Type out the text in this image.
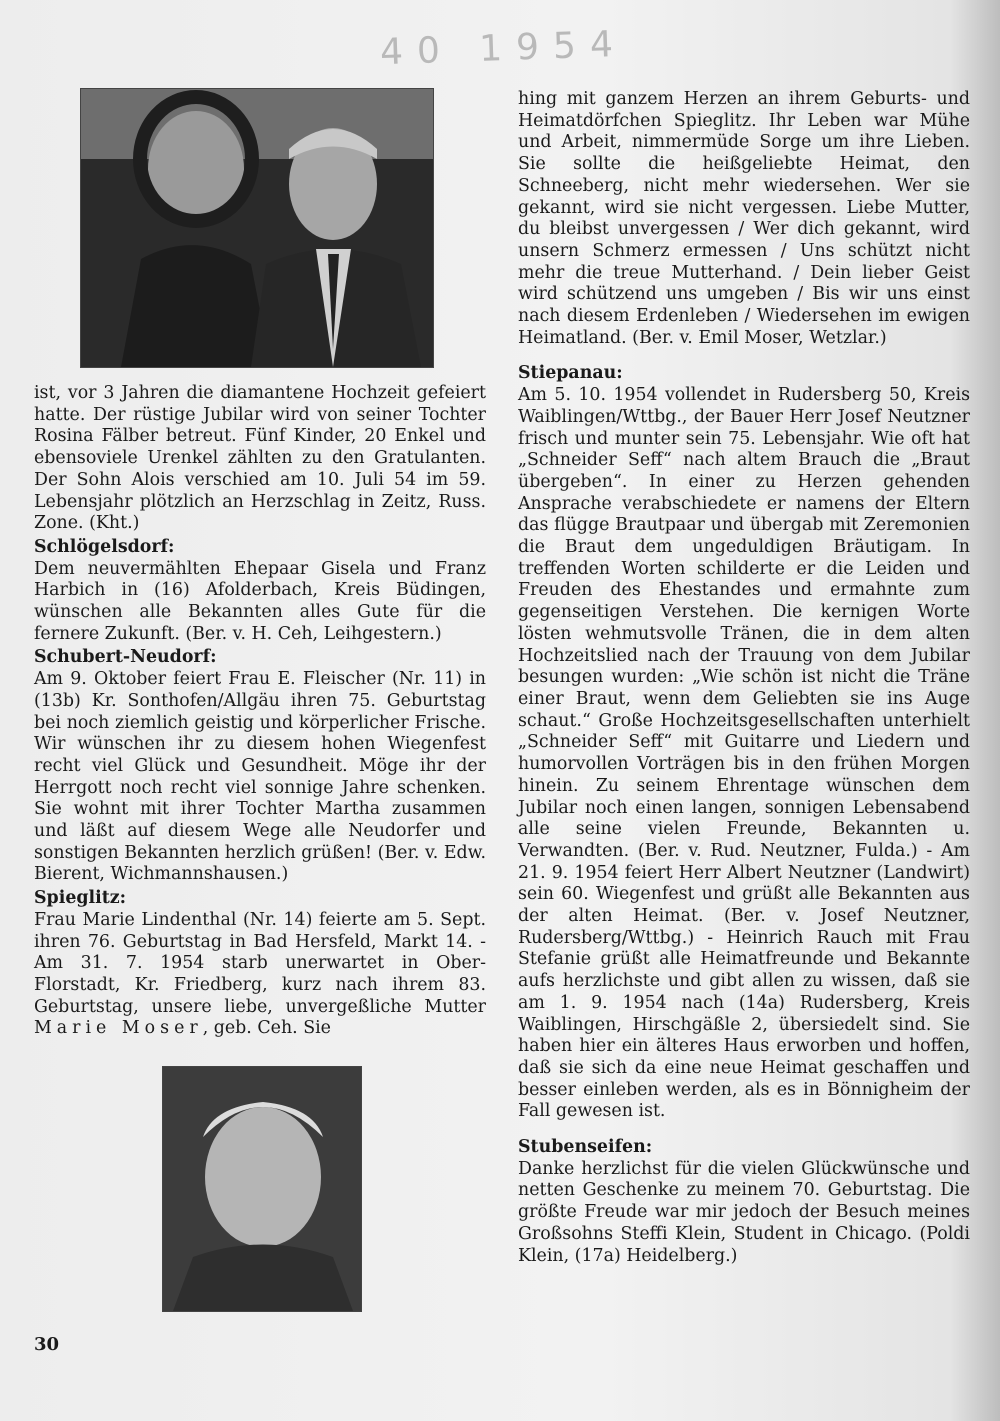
40 1954

ist, vor 3 Jahren die diamantene Hochzeit gefeiert hatte. Der rüstige Jubilar wird von seiner Tochter Rosina Fälber betreut. Fünf Kinder, 20 Enkel und ebensoviele Urenkel zählten zu den Gratulanten. Der Sohn Alois verschied am 10. Juli 54 im 59. Lebensjahr plötzlich an Herzschlag in Zeitz, Russ. Zone. (Kht.)

Schlögelsdorf:

Dem neuvermählten Ehepaar Gisela und Franz Harbich in (16) Afolderbach, Kreis Büdingen, wünschen alle Bekannten alles Gute für die fernere Zukunft. (Ber. v. H. Ceh, Leihgestern.)

Schubert-Neudorf:

Am 9. Oktober feiert Frau E. Fleischer (Nr. 11) in (13b) Kr. Sonthofen/Allgäu ihren 75. Geburtstag bei noch ziemlich geistig und körperlicher Frische. Wir wünschen ihr zu diesem hohen Wiegenfest recht viel Glück und Gesundheit. Möge ihr der Herrgott noch recht viel sonnige Jahre schenken. Sie wohnt mit ihrer Tochter Martha zusammen und läßt auf diesem Wege alle Neudorfer und sonstigen Bekannten herzlich grüßen! (Ber. v. Edw. Bierent, Wichmannshausen.)

Spieglitz:

Frau Marie Lindenthal (Nr. 14) feierte am 5. Sept. ihren 76. Geburtstag in Bad Hersfeld, Markt 14. - Am 31. 7. 1954 starb unerwartet in Ober-Florstadt, Kr. Friedberg, kurz nach ihrem 83. Geburtstag, unsere liebe, unvergeßliche Mutter Marie Moser, geb. Ceh. Sie

hing mit ganzem Herzen an ihrem Geburts- und Heimatdörfchen Spieglitz. Ihr Leben war Mühe und Arbeit, nimmermüde Sorge um ihre Lieben. Sie sollte die heißgeliebte Heimat, den Schneeberg, nicht mehr wiedersehen. Wer sie gekannt, wird sie nicht vergessen. Liebe Mutter, du bleibst unvergessen / Wer dich gekannt, wird unsern Schmerz ermessen / Uns schützt nicht mehr die treue Mutterhand. / Dein lieber Geist wird schützend uns umgeben / Bis wir uns einst nach diesem Erdenleben / Wiedersehen im ewigen Heimatland. (Ber. v. Emil Moser, Wetzlar.)

Stiepanau:

Am 5. 10. 1954 vollendet in Rudersberg 50, Kreis Waiblingen/Wttbg., der Bauer Herr Josef Neutzner frisch und munter sein 75. Lebensjahr. Wie oft hat „Schneider Seff“ nach altem Brauch die „Braut übergeben“. In einer zu Herzen gehenden Ansprache verabschiedete er namens der Eltern das flügge Brautpaar und übergab mit Zeremonien die Braut dem ungeduldigen Bräutigam. In treffenden Worten schilderte er die Leiden und Freuden des Ehestandes und ermahnte zum gegenseitigen Verstehen. Die kernigen Worte lösten wehmutsvolle Tränen, die in dem alten Hochzeitslied nach der Trauung von dem Jubilar besungen wurden: „Wie schön ist nicht die Träne einer Braut, wenn dem Geliebten sie ins Auge schaut.“ Große Hochzeitsgesellschaften unterhielt „Schneider Seff“ mit Guitarre und Liedern und humorvollen Vorträgen bis in den frühen Morgen hinein. Zu seinem Ehrentage wünschen dem Jubilar noch einen langen, sonnigen Lebensabend alle seine vielen Freunde, Bekannten u. Verwandten. (Ber. v. Rud. Neutzner, Fulda.) - Am 21. 9. 1954 feiert Herr Albert Neutzner (Landwirt) sein 60. Wiegenfest und grüßt alle Bekannten aus der alten Heimat. (Ber. v. Josef Neutzner, Rudersberg/Wttbg.) - Heinrich Rauch mit Frau Stefanie grüßt alle Heimatfreunde und Bekannte aufs herzlichste und gibt allen zu wissen, daß sie am 1. 9. 1954 nach (14a) Rudersberg, Kreis Waiblingen, Hirschgäßle 2, übersiedelt sind. Sie haben hier ein älteres Haus erworben und hoffen, daß sie sich da eine neue Heimat geschaffen und besser einleben werden, als es in Bönnigheim der Fall gewesen ist.

Stubenseifen:

Danke herzlichst für die vielen Glückwünsche und netten Geschenke zu meinem 70. Geburtstag. Die größte Freude war mir jedoch der Besuch meines Großsohns Steffi Klein, Student in Chicago. (Poldi Klein, (17a) Heidelberg.)

30
